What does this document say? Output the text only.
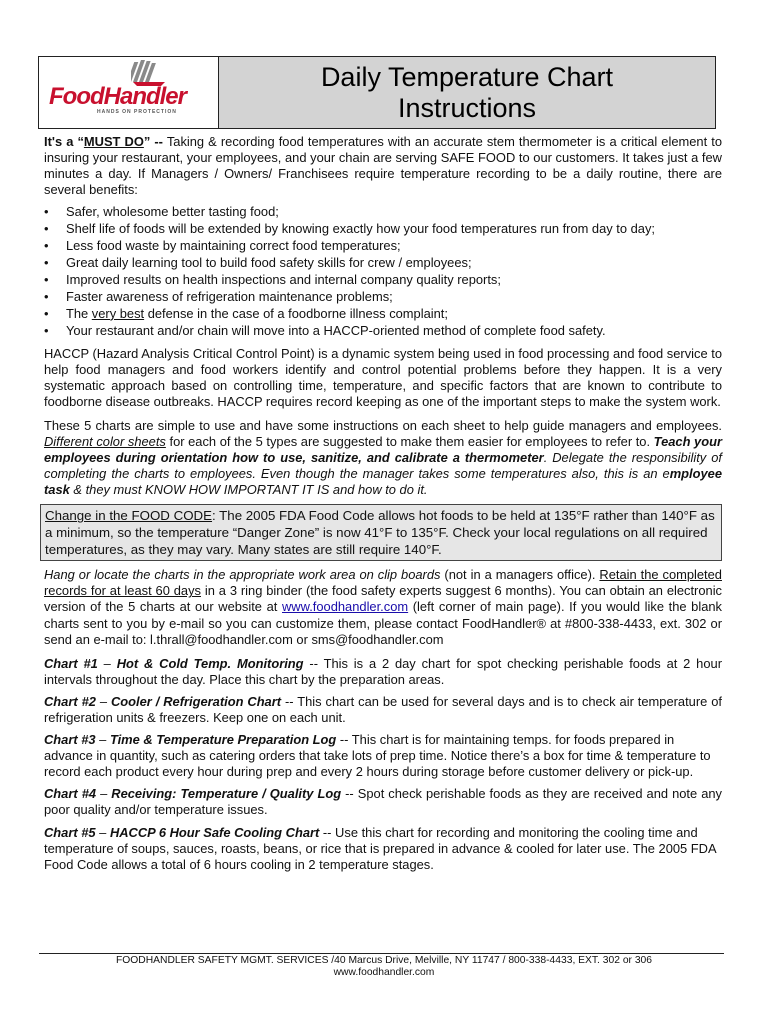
FoodHandler
HANDS ON PROTECTION
Daily Temperature Chart
Instructions

It's a “MUST DO” -- Taking & recording food temperatures with an accurate stem thermometer is a critical element to insuring your restaurant, your employees, and your chain are serving SAFE FOOD to our customers. It takes just a few minutes a day. If Managers / Owners/ Franchisees require temperature recording to be a daily routine, there are several benefits:

• Safer, wholesome better tasting food;
• Shelf life of foods will be extended by knowing exactly how your food temperatures run from day to day;
• Less food waste by maintaining correct food temperatures;
• Great daily learning tool to build food safety skills for crew / employees;
• Improved results on health inspections and internal company quality reports;
• Faster awareness of refrigeration maintenance problems;
• The very best defense in the case of a foodborne illness complaint;
• Your restaurant and/or chain will move into a HACCP-oriented method of complete food safety.

HACCP (Hazard Analysis Critical Control Point) is a dynamic system being used in food processing and food service to help food managers and food workers identify and control potential problems before they happen. It is a very systematic approach based on controlling time, temperature, and specific factors that are known to contribute to foodborne disease outbreaks. HACCP requires record keeping as one of the important steps to make the system work.

These 5 charts are simple to use and have some instructions on each sheet to help guide managers and employees. Different color sheets for each of the 5 types are suggested to make them easier for employees to refer to. Teach your employees during orientation how to use, sanitize, and calibrate a thermometer. Delegate the responsibility of completing the charts to employees. Even though the manager takes some temperatures also, this is an employee task & they must KNOW HOW IMPORTANT IT IS and how to do it.

Change in the FOOD CODE: The 2005 FDA Food Code allows hot foods to be held at 135°F rather than 140°F as a minimum, so the temperature “Danger Zone” is now 41°F to 135°F. Check your local regulations on all required temperatures, as they may vary. Many states are still require 140°F.

Hang or locate the charts in the appropriate work area on clip boards (not in a managers office). Retain the completed records for at least 60 days in a 3 ring binder (the food safety experts suggest 6 months). You can obtain an electronic version of the 5 charts at our website at www.foodhandler.com (left corner of main page). If you would like the blank charts sent to you by e-mail so you can customize them, please contact FoodHandler® at #800-338-4433, ext. 302 or send an e-mail to: l.thrall@foodhandler.com or sms@foodhandler.com

Chart #1 – Hot & Cold Temp. Monitoring -- This is a 2 day chart for spot checking perishable foods at 2 hour intervals throughout the day. Place this chart by the preparation areas.

Chart #2 – Cooler / Refrigeration Chart -- This chart can be used for several days and is to check air temperature of refrigeration units & freezers. Keep one on each unit.

Chart #3 – Time & Temperature Preparation Log -- This chart is for maintaining temps. for foods prepared in advance in quantity, such as catering orders that take lots of prep time. Notice there’s a box for time & temperature to record each product every hour during prep and every 2 hours during storage before customer delivery or pick-up.

Chart #4 – Receiving: Temperature / Quality Log -- Spot check perishable foods as they are received and note any poor quality and/or temperature issues.

Chart #5 – HACCP 6 Hour Safe Cooling Chart -- Use this chart for recording and monitoring the cooling time and temperature of soups, sauces, roasts, beans, or rice that is prepared in advance & cooled for later use. The 2005 FDA Food Code allows a total of 6 hours cooling in 2 temperature stages.

FOODHANDLER SAFETY MGMT. SERVICES /40 Marcus Drive, Melville, NY 11747 / 800-338-4433, EXT. 302 or 306
www.foodhandler.com
